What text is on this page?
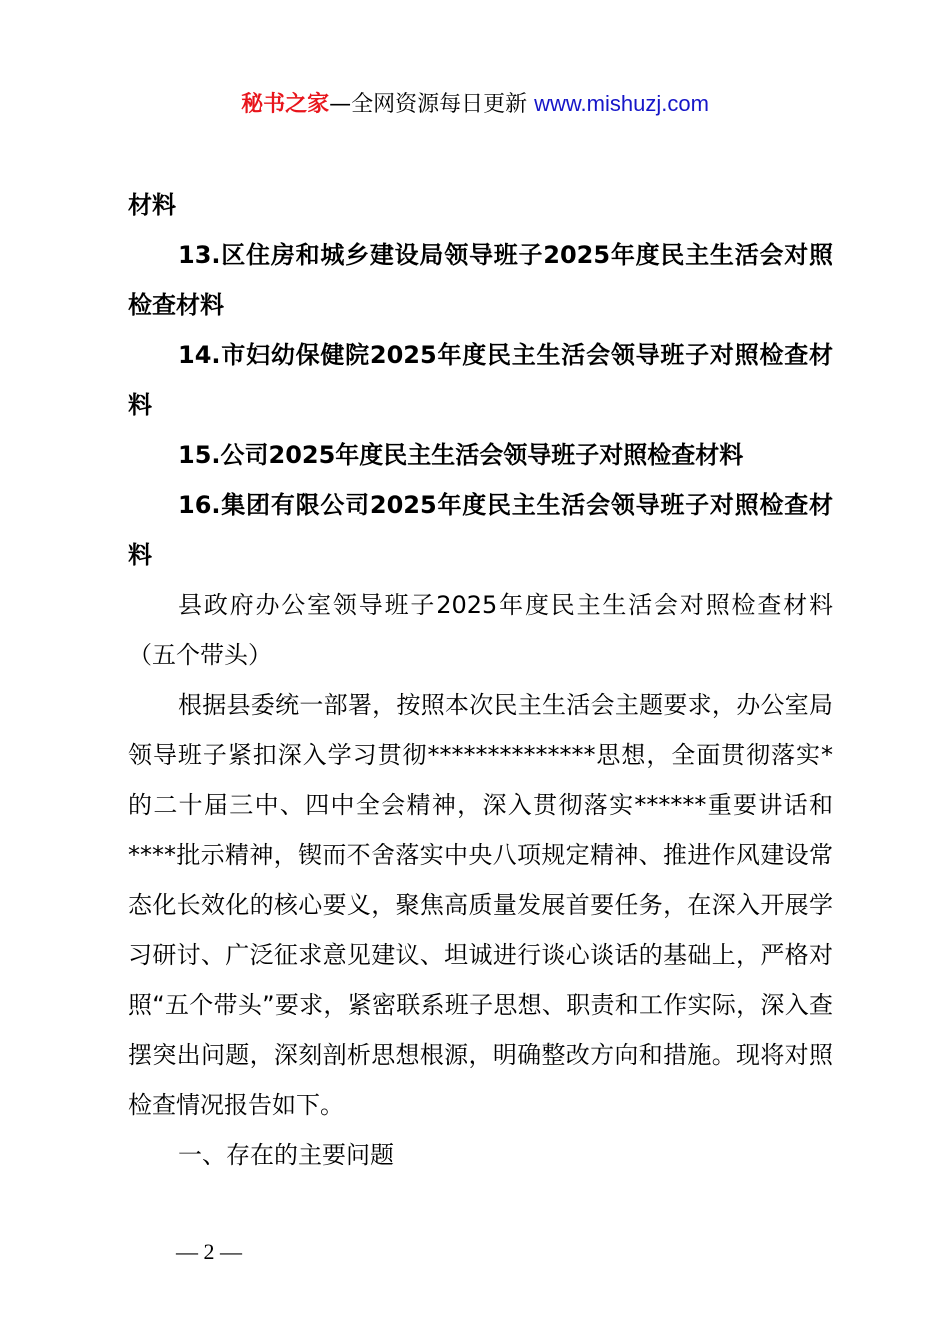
秘书之家—全网资源每日更新 www.mishuzj.com

材料

13.区住房和城乡建设局领导班子2025年度民主生活会对照检查材料

14.市妇幼保健院2025年度民主生活会领导班子对照检查材料

15.公司2025年度民主生活会领导班子对照检查材料

16.集团有限公司2025年度民主生活会领导班子对照检查材料

县政府办公室领导班子2025年度民主生活会对照检查材料（五个带头）

根据县委统一部署，按照本次民主生活会主题要求，办公室局领导班子紧扣深入学习贯彻**************思想，全面贯彻落实*的二十届三中、四中全会精神，深入贯彻落实******重要讲话和****批示精神，锲而不舍落实中央八项规定精神、推进作风建设常态化长效化的核心要义，聚焦高质量发展首要任务，在深入开展学习研讨、广泛征求意见建议、坦诚进行谈心谈话的基础上，严格对照“五个带头”要求，紧密联系班子思想、职责和工作实际，深入查摆突出问题，深刻剖析思想根源，明确整改方向和措施。现将对照检查情况报告如下。

一、存在的主要问题

— 2 —
